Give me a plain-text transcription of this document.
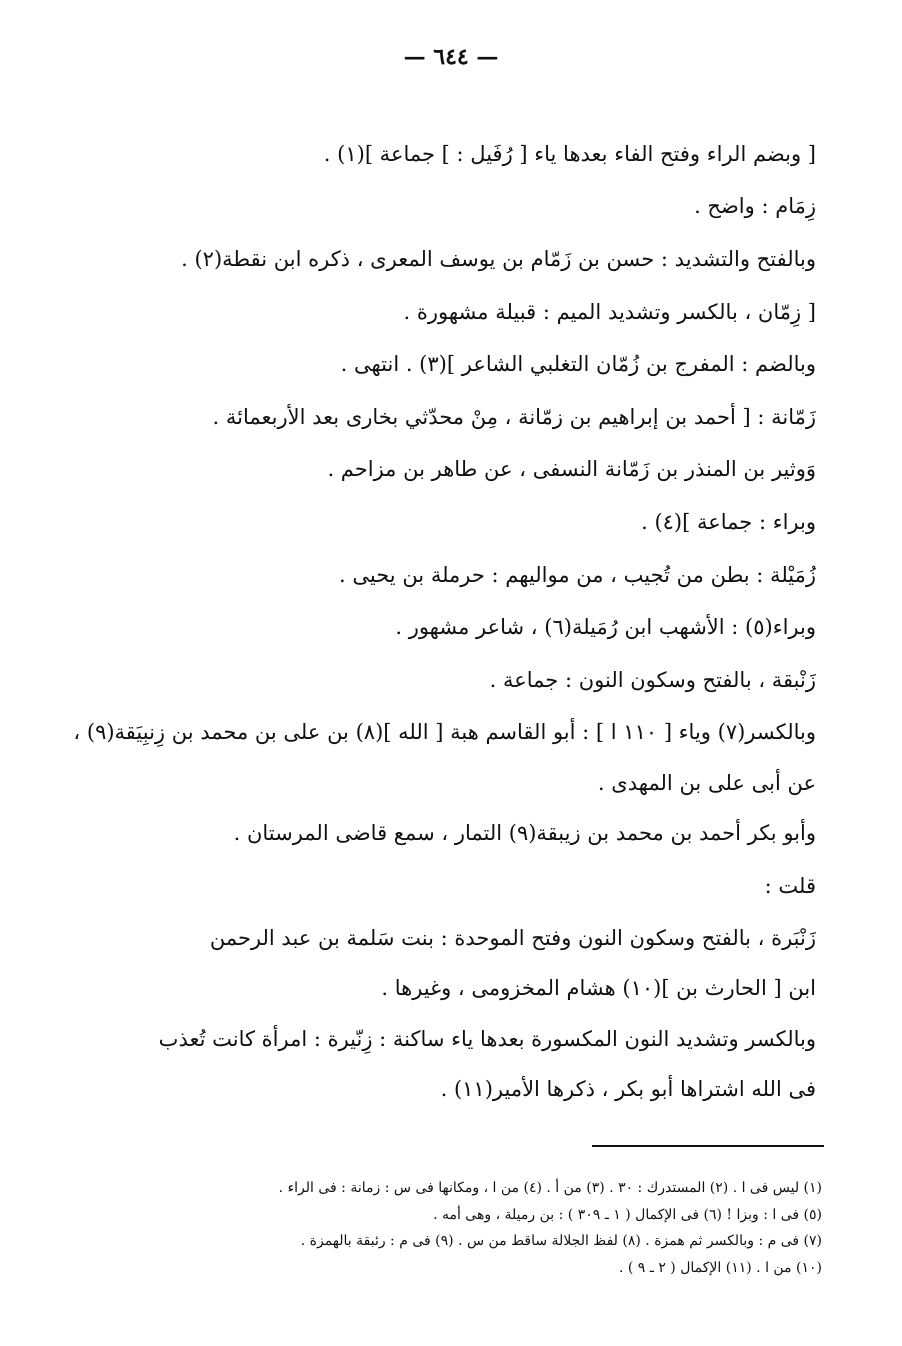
— ٦٤٤ —
[ وبضم الراء وفتح الفاء بعدها ياء [ رُفَيل : ] جماعة ](١) .
زِمَام : واضح .
وبالفتح والتشديد : حسن بن زَمّام بن يوسف المعرى ، ذكره ابن نقطة(٢) .
[ زِمّان ، بالكسر وتشديد الميم : قبيلة مشهورة .
وبالضم : المفرج بن زُمّان التغلبي الشاعر ](٣) . انتهى .
زَمّانة : [ أحمد بن إبراهيم بن زمّانة ، مِنْ محدّثي بخارى بعد الأربعمائة .
وَوثير بن المنذر بن زَمّانة النسفى ، عن طاهر بن مزاحم .
وبراء : جماعة ](٤) .
زُمَيْلة : بطن من تُجيب ، من مواليهم : حرملة بن يحيى .
وبراء(٥) : الأشهب ابن رُمَيلة(٦) ، شاعر مشهور .
زَنْبقة ، بالفتح وسكون النون : جماعة .
وبالكسر(٧) وياء [ ١١٠ ا ] : أبو القاسم هبة [ الله ](٨) بن على بن محمد بن زِنبِيَقة(٩) ،
عن أبى على بن المهدى .
وأبو بكر أحمد بن محمد بن زيبقة(٩) التمار ، سمع قاضى المرستان .
قلت :
زَنْبَرة ، بالفتح وسكون النون وفتح الموحدة : بنت سَلمة بن عبد الرحمن
ابن [ الحارث بن ](١٠) هشام المخزومى ، وغيرها .
وبالكسر وتشديد النون المكسورة بعدها ياء ساكنة : زِنّيرة : امرأة كانت تُعذب
فى الله اشتراها أبو بكر ، ذكرها الأمير(١١) .
(١) ليس فى ا . (٢) المستدرك : ٣٠ . (٣) من أ . (٤) من ا ، ومكانها فى س : زمانة : فى الراء .
(٥) فى ا : وبزا ! (٦) فى الإكمال ( ١ ـ ٣٠٩ ) : بن رميلة ، وهى أمه .
(٧) فى م : وبالكسر ثم همزة . (٨) لفظ الجلالة ساقط من س . (٩) فى م : رئبقة بالهمزة .
(١٠) من ا . (١١) الإكمال ( ٢ ـ ٩ ) .
